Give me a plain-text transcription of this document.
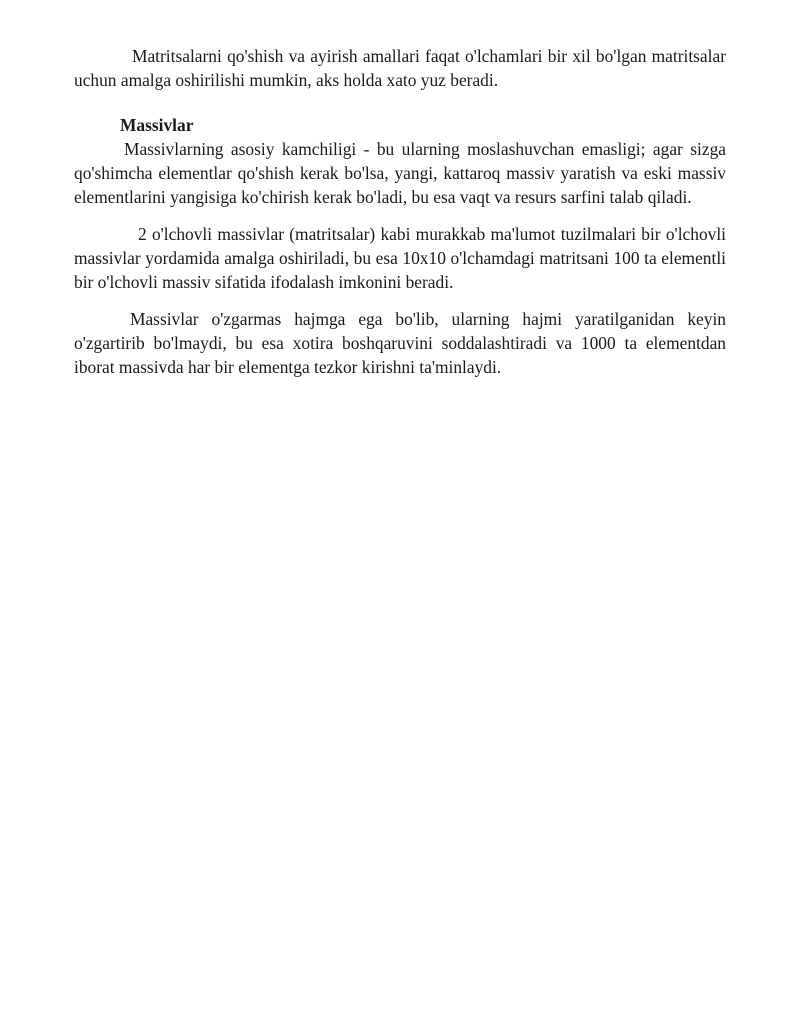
Matritsalarni qo'shish va ayirish amallari faqat o'lchamlari bir xil bo'lgan matritsalar uchun amalga oshirilishi mumkin, aks holda xato yuz beradi.

Massivlar

Massivlarning asosiy kamchiligi - bu ularning moslashuvchan emasligi; agar sizga qo'shimcha elementlar qo'shish kerak bo'lsa, yangi, kattaroq massiv yaratish va eski massiv elementlarini yangisiga ko'chirish kerak bo'ladi, bu esa vaqt va resurs sarfini talab qiladi.

2 o'lchovli massivlar (matritsalar) kabi murakkab ma'lumot tuzilmalari bir o'lchovli massivlar yordamida amalga oshiriladi, bu esa 10x10 o'lchamdagi matritsani 100 ta elementli bir o'lchovli massiv sifatida ifodalash imkonini beradi.

Massivlar o'zgarmas hajmga ega bo'lib, ularning hajmi yaratilganidan keyin o'zgartirib bo'lmaydi, bu esa xotira boshqaruvini soddalashtiradi va 1000 ta elementdan iborat massivda har bir elementga tezkor kirishni ta'minlaydi.
